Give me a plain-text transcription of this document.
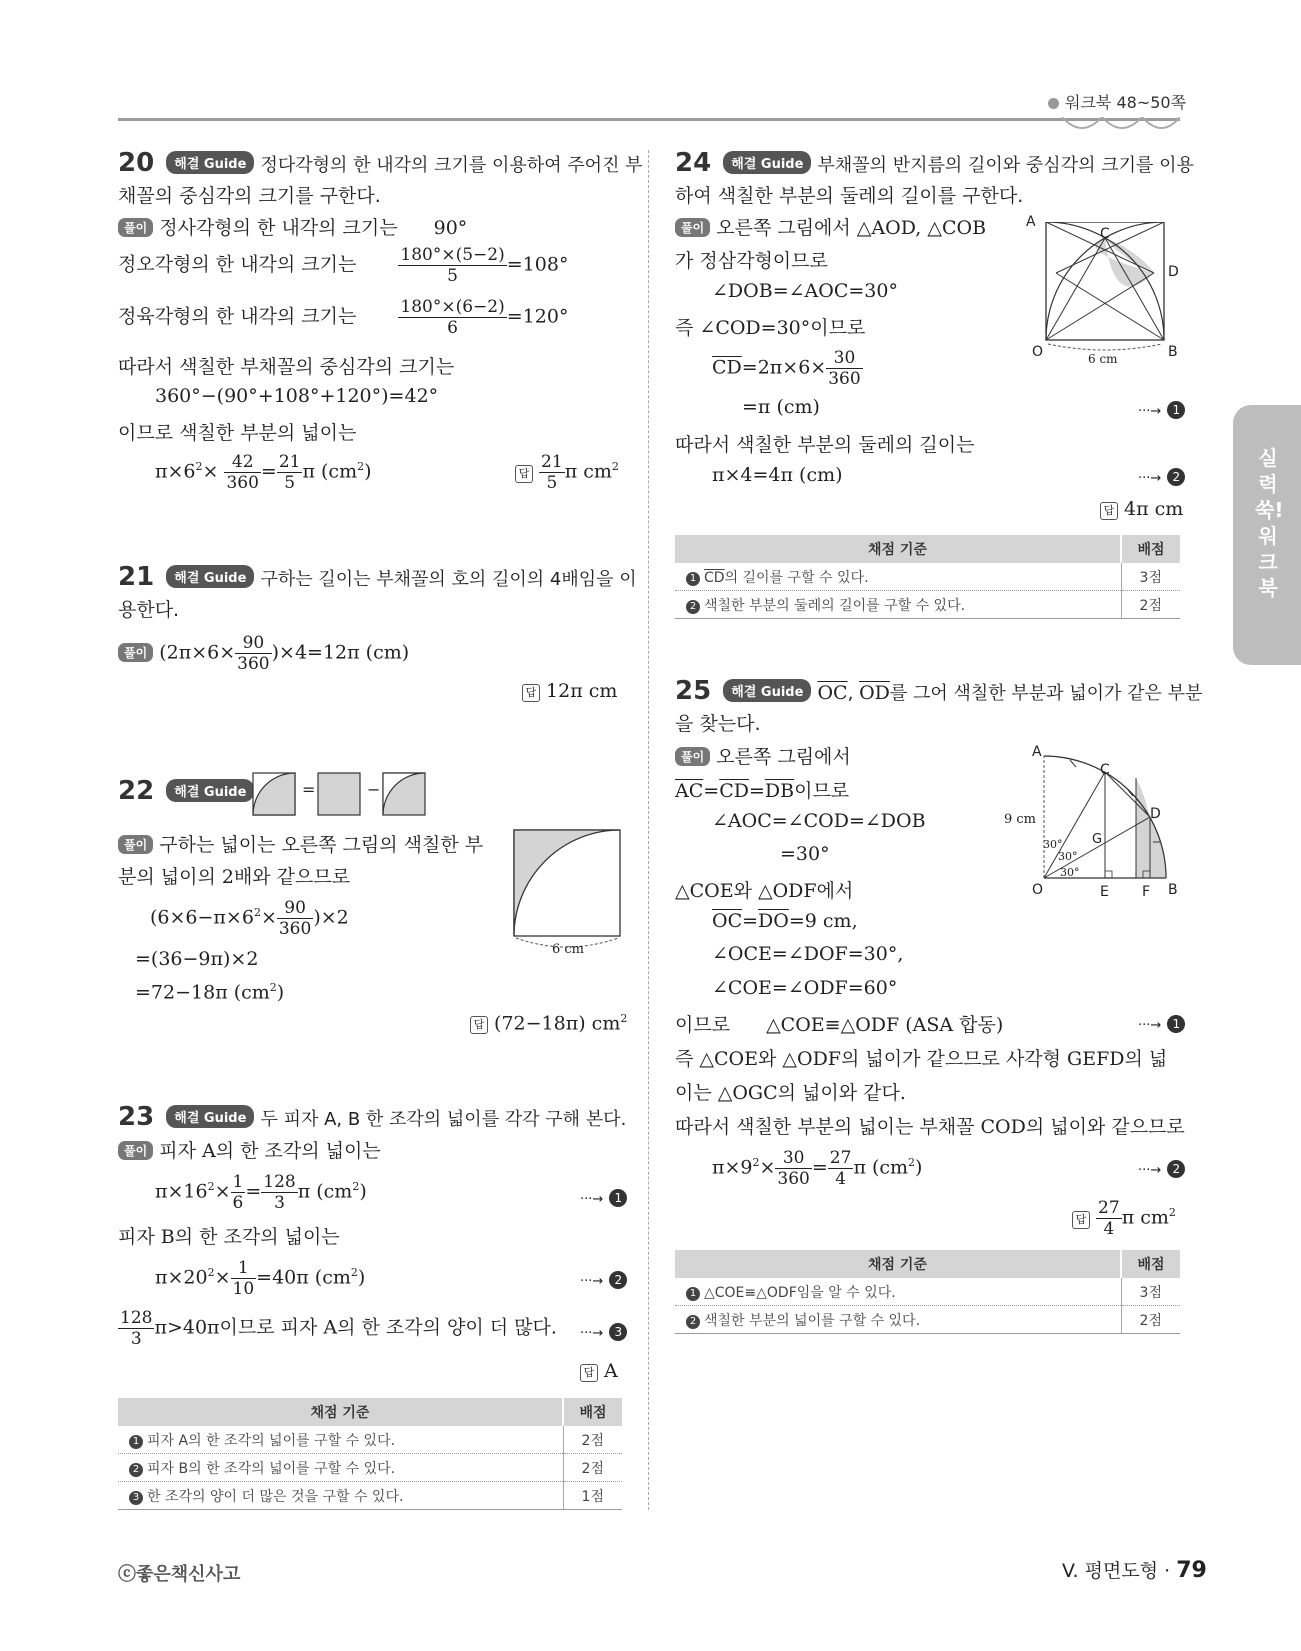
워크북 48~50쪽
실력 쑥! 워크북
20 해결 Guide 정다각형의 한 내각의 크기를 이용하여 주어진 부
채꼴의 중심각의 크기를 구한다.
풀이 정사각형의 한 내각의 크기는 90°
정오각형의 한 내각의 크기는 $\frac{180^\circ\times(5-2)}{5} =108^\circ$
정육각형의 한 내각의 크기는 $\frac{180^\circ\times(6-2)}{6} =120^\circ$
따라서 색칠한 부채꼴의 중심각의 크기는
360°−(90°+108°+120°)=42°
이므로 색칠한 부분의 넓이는
$\pi\times 6^2\times \frac{42}{360} = \frac{21}{5}$ π $(cm^2)$	답 $\frac{21}{5}$ π $cm^2$
21 해결 Guide 구하는 길이는 부채꼴의 호의 길이의 4배임을 이
용한다.
풀이 $(2\pi\times 6\times \frac{90}{360} )\times 4=12\pi$ (cm)
답 12π cm
22 해결 Guide	=	−
풀이 구하는 넓이는 오른쪽 그림의 색칠한 부
분의 넓이의 2배와 같으므로
$(6\times 6-\pi\times 6^2\times \frac{90}{360} )\times 2$
=(36−9π)×2
=72−18π $(cm^2)$
6 cm
답 (72−18π) $cm^2$
23 해결 Guide 두 피자 A, B 한 조각의 넓이를 각각 구해 본다.
풀이 피자 A의 한 조각의 넓이는
$\pi\times 16^2\times \frac{1}{6} = \frac{128}{3}$ π $(cm^2)$	···→ 1
피자 B의 한 조각의 넓이는
$\pi\times 20^2\times \frac{1}{10} =40\pi$ $(cm^2)$	···→ 2
$\frac{128}{3} \pi>40\pi$이므로 피자 A의 한 조각의 양이 더 많다. ···→ 3
답 A
채점 기준	배점
1 피자 A의 한 조각의 넓이를 구할 수 있다.	2점
2 피자 B의 한 조각의 넓이를 구할 수 있다.	2점
3 한 조각의 양이 더 많은 것을 구할 수 있다.	1점
24 해결 Guide 부채꼴의 반지름의 길이와 중심각의 크기를 이용
하여 색칠한 부분의 둘레의 길이를 구한다.
풀이 오른쪽 그림에서 △AOD, △COB
가 정삼각형이므로
∠DOB=∠AOC=30°
즉 ∠COD=30°이므로
$\overline{CD}=2\pi\times 6\times \frac{30}{360}$
=π (cm)	···→ 1
따라서 색칠한 부분의 둘레의 길이는
π×4=4π (cm)	···→ 2
답 4π cm
A
C
D
O	B
6 cm
채점 기준	배점
1 $\overline{CD}$의 길이를 구할 수 있다.	3점
2 색칠한 부분의 둘레의 길이를 구할 수 있다.	2점
25 해결 Guide $\overline{OC}$, $\overline{OD}$를 그어 색칠한 부분과 넓이가 같은 부분
을 찾는다.
풀이 오른쪽 그림에서
$\overline{AC}=\overline{CD}=\overline{DB}$이므로
∠AOC=∠COD=∠DOB
=30°
△COE와 △ODF에서
$\overline{OC}=\overline{DO}=9$ cm,
∠OCE=∠DOF=30°,
∠COE=∠ODF=60°
이므로 △COE≡△ODF (ASA 합동)	···→ 1
즉 △COE와 △ODF의 넓이가 같으므로 사각형 GEFD의 넓
이는 △OGC의 넓이와 같다.
따라서 색칠한 부분의 넓이는 부채꼴 COD의 넓이와 같으므로
$\pi\times 9^2\times \frac{30}{360} = \frac{27}{4}$ π $(cm^2)$	···→ 2
답 $\frac{27}{4}$ π $cm^2$
A
C
D
G
O	E F B
9 cm
30°
30°
30°
채점 기준	배점
1 △COE≡△ODF임을 알 수 있다.	3점
2 색칠한 부분의 넓이를 구할 수 있다.	2점
ⓒ좋은책신사고	V. 평면도형 · 79
